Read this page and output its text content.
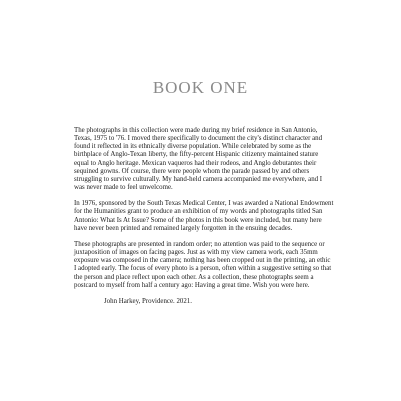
BOOK ONE

The photographs in this collection were made during my brief residence in San Antonio, Texas, 1975 to '76. I moved there specifically to document the city's distinct character and found it reflected in its ethnically diverse population. While celebrated by some as the birthplace of Anglo-Texan liberty, the fifty-percent Hispanic citizenry maintained stature equal to Anglo heritage. Mexican vaqueros had their rodeos, and Anglo debutantes their sequined gowns. Of course, there were people whom the parade passed by and others struggling to survive culturally. My hand-held camera accompanied me everywhere, and I was never made to feel unwelcome.

In 1976, sponsored by the South Texas Medical Center, I was awarded a National Endowment for the Humanities grant to produce an exhibition of my words and photographs titled San Antonio: What Is At Issue? Some of the photos in this book were included, but many here have never been printed and remained largely forgotten in the ensuing decades.

These photographs are presented in random order; no attention was paid to the sequence or juxtaposition of images on facing pages. Just as with my view camera work, each 35mm exposure was composed in the camera; nothing has been cropped out in the printing, an ethic I adopted early. The focus of every photo is a person, often within a suggestive setting so that the person and place reflect upon each other. As a collection, these photographs seem a postcard to myself from half a century ago: Having a great time. Wish you were here.

John Harkey, Providence. 2021.
